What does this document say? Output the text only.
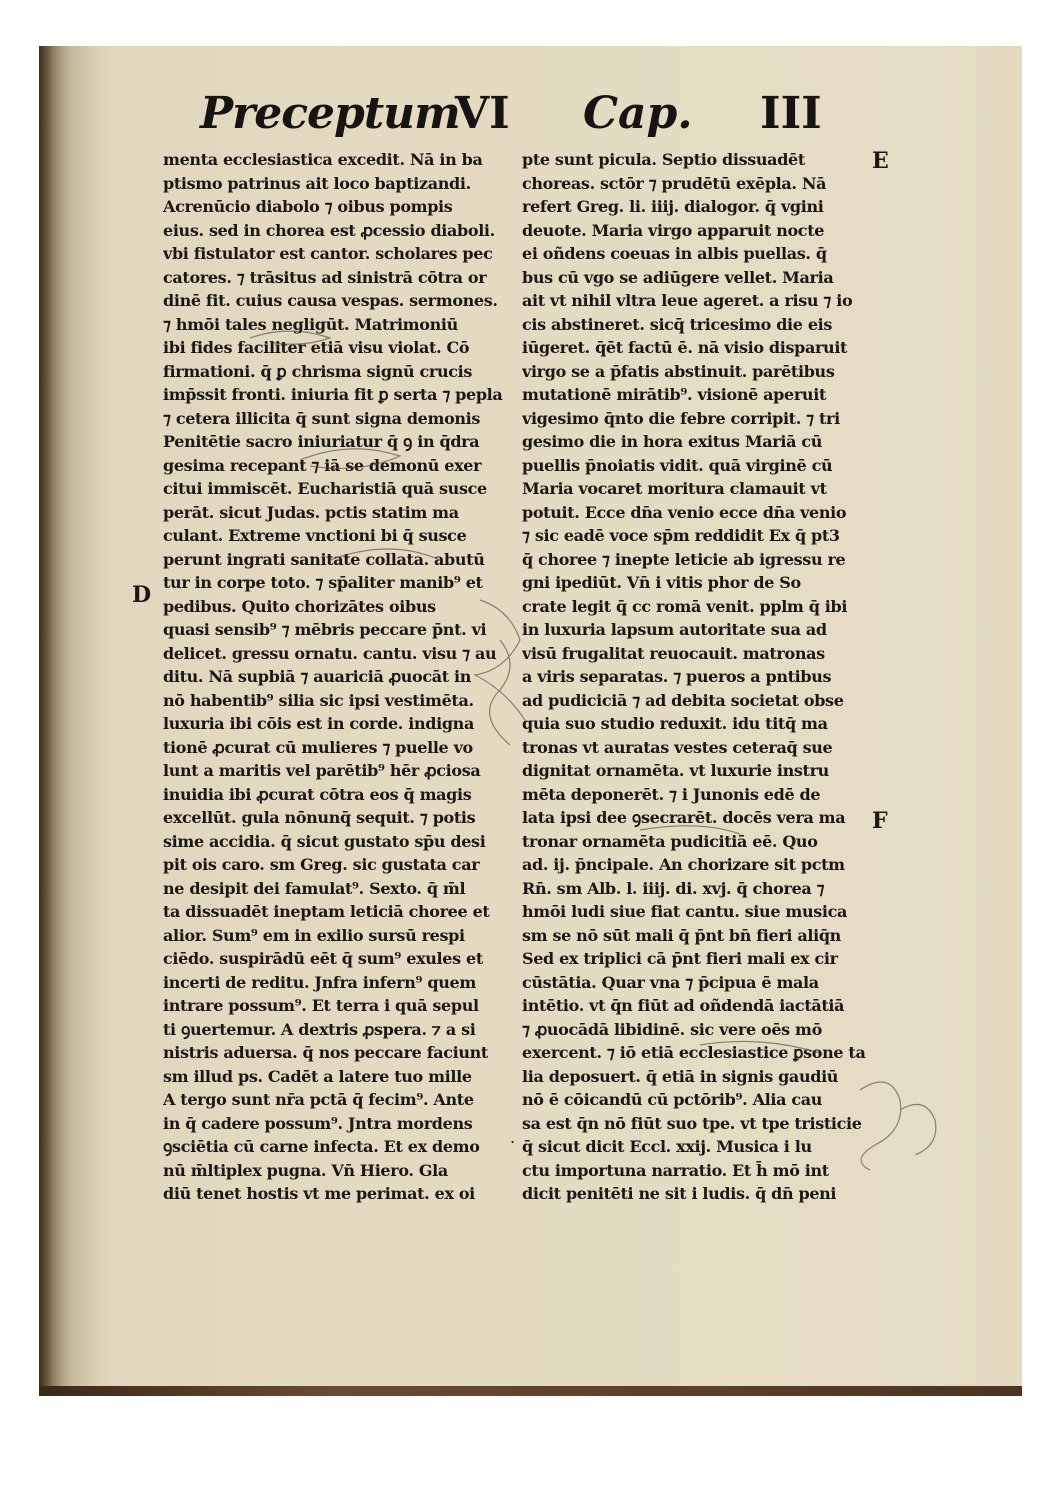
Preceptum
VI Cap. III
D
E
F
menta ecclesiastica excedit. Nā in ba
ptismo patrinus ait loco baptizandi.
Acrenūcio diabolo ⁊ oibus pompis
eius. sed in chorea est ꝓcessio diaboli.
vbi fistulator est cantor. scholares pec
catores. ⁊ trāsitus ad sinistrā cōtra or
dinē fit. cuius causa vespas. sermones.
⁊ hmōi tales negligūt. Matrimoniū
ibi fides faciliter etiā visu violat. Cō
firmationi. q̄ ꝑ chrisma signū crucis
imp̄ssit fronti. iniuria fit ꝑ serta ⁊ pepla
⁊ cetera illicita q̄ sunt signa demonis
Penitētie sacro iniuriatur q̄ ꝯ in q̄dra
gesima recepant ⁊ iā se demonū exer
citui immiscēt. Eucharistiā quā susce
perāt. sicut Judas. pctis statim ma
culant. Extreme vnctioni bi q̄ susce
perunt ingrati sanitate collata. abutū
tur in corpe toto. ⁊ sp̄aliter manib⁹ et
pedibus. Quito chorizātes oibus
quasi sensib⁹ ⁊ mēbris peccare p̄nt. vi
delicet. gressu ornatu. cantu. visu ⁊ au
ditu. Nā supbiā ⁊ auariciā ꝓuocāt in
nō habentib⁹ silia sic ipsi vestimēta.
luxuria ibi cōis est in corde. indigna
tionē ꝓcurat cū mulieres ⁊ puelle vo
lunt a maritis vel parētib⁹ hēr ꝓciosa
inuidia ibi ꝓcurat cōtra eos q̄ magis
excellūt. gula nōnunq̄ sequit. ⁊ potis
sime accidia. q̄ sicut gustato sp̄u desi
pit ois caro. sm Greg. sic gustata car
ne desipit dei famulat⁹. Sexto. q̄ m̄l
ta dissuadēt ineptam leticiā choree et
alior. Sum⁹ em in exilio sursū respi
ciēdo. suspirādū eēt q̄ sum⁹ exules et
incerti de reditu. Jnfra infern⁹ quem
intrare possum⁹. Et terra i quā sepul
ti ꝯuertemur. A dextris ꝓspera. ⁊ a si
nistris aduersa. q̄ nos peccare faciunt
sm illud ps. Cadēt a latere tuo mille
A tergo sunt nr̄a pctā q̄ fecim⁹. Ante
in q̄ cadere possum⁹. Jntra mordens
ꝯsciētia cū carne infecta. Et ex demo
nū m̄ltiplex pugna. Vn̄ Hiero. Gla
diū tenet hostis vt me perimat. ex oi
pte sunt picula. Septio dissuadēt
choreas. sctōr ⁊ prudētū exēpla. Nā
refert Greg. li. iiij. dialogor. q̄ vgini
deuote. Maria virgo apparuit nocte
ei oñdens coeuas in albis puellas. q̄
bus cū vgo se adiūgere vellet. Maria
ait vt nihil vltra leue ageret. a risu ⁊ io
cis abstineret. sicq̄ tricesimo die eis
iūgeret. q̄ēt factū ē. nā visio disparuit
virgo se a p̄fatis abstinuit. parētibus
mutationē mirātib⁹. visionē aperuit
vigesimo q̄nto die febre corripit. ⁊ tri
gesimo die in hora exitus Mariā cū
puellis p̄noiatis vidit. quā virginē cū
Maria vocaret moritura clamauit vt
potuit. Ecce dn̄a venio ecce dn̄a venio
⁊ sic eadē voce sp̄m reddidit Ex q̄ pt3
q̄ choree ⁊ inepte leticie ab igressu re
gni ipediūt. Vn̄ i vitis phor de So
crate legit q̄ cc romā venit. pplm q̄ ibi
in luxuria lapsum autoritate sua ad
visū frugalitat reuocauit. matronas
a viris separatas. ⁊ pueros a pntibus
ad pudiciciā ⁊ ad debita societat obse
quia suo studio reduxit. idu titq̄ ma
tronas vt auratas vestes ceteraq̄ sue
dignitat ornamēta. vt luxurie instru
mēta deponerēt. ⁊ i Junonis edē de
lata ipsi dee ꝯsecrarēt. docēs vera ma
tronar ornamēta pudicitiā eē. Quo
ad. ij. p̄ncipale. An chorizare sit pctm
Rn̄. sm Alb. l. iiij. di. xvj. q̄ chorea ⁊
hmōi ludi siue fiat cantu. siue musica
sm se nō sūt mali q̄ p̄nt bn̄ fieri aliq̄n
Sed ex triplici cā p̄nt fieri mali ex cir
cūstātia. Quar vna ⁊ p̄cipua ē mala
intētio. vt q̄n fiūt ad oñdendā iactātiā
⁊ ꝓuocādā libidinē. sic vere oēs mō
exercent. ⁊ iō etiā ecclesiastice ꝑsone ta
lia deposuert. q̄ etiā in signis gaudiū
nō ē cōicandū cū pctōrib⁹. Alia cau
sa est q̄n nō fiūt suo tpe. vt tpe tristicie
q̄ sicut dicit Eccl. xxij. Musica i lu
ctu importuna narratio. Et h̄ mō int
dicit penitēti ne sit i ludis. q̄ dn̄ peni
.
